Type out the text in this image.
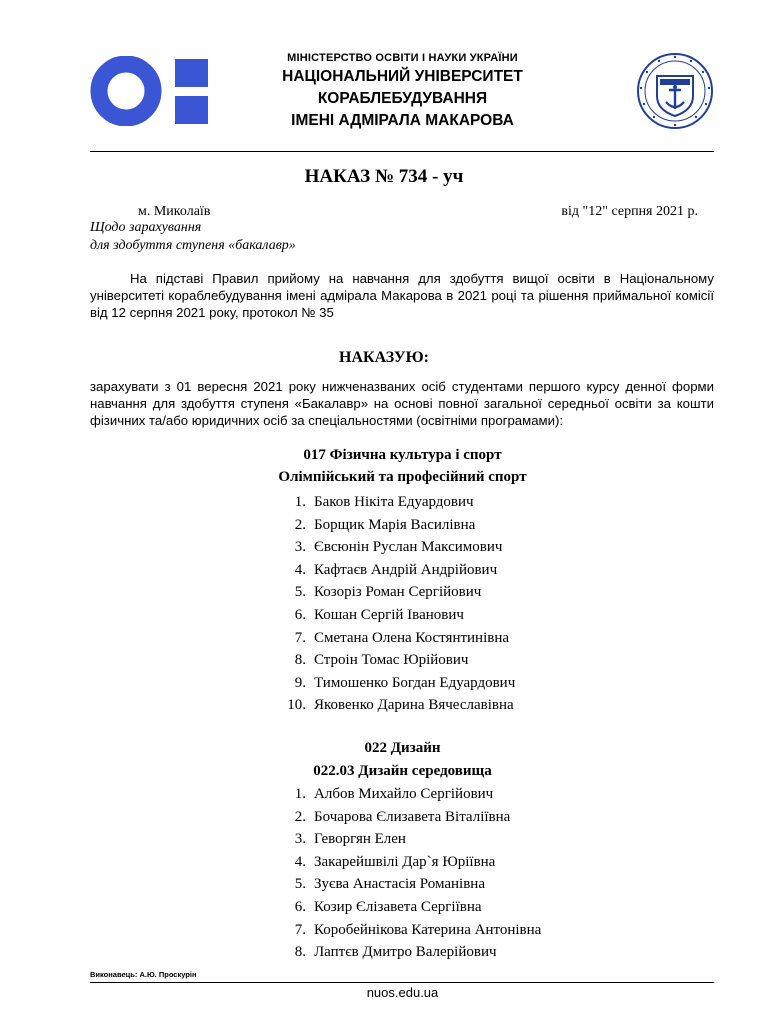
МІНІСТЕРСТВО ОСВІТИ І НАУКИ УКРАЇНИ
НАЦІОНАЛЬНИЙ УНІВЕРСИТЕТ
КОРАБЛЕБУДУВАННЯ
ІМЕНІ АДМІРАЛА МАКАРОВА
НАКАЗ № 734 - уч
м. Миколаїв	від "12" серпня 2021 р.
Щодо зарахування
для здобуття ступеня «бакалавр»

На підставі Правил прийому на навчання для здобуття вищої освіти в Національному університеті кораблебудування імені адмірала Макарова в 2021 році та рішення приймальної комісії від 12 серпня 2021 року, протокол № 35

НАКАЗУЮ:

зарахувати з 01 вересня 2021 року нижченазваних осіб студентами першого курсу денної форми навчання для здобуття ступеня «Бакалавр» на основі повної загальної середньої освіти за кошти фізичних та/або юридичних осіб за спеціальностями (освітніми програмами):

017 Фізична культура і спорт
Олімпійський та професійний спорт
1. Баков Нікіта Едуардович
2. Борщик Марія Василівна
3. Євсюнін Руслан Максимович
4. Кафтаєв Андрій Андрійович
5. Козоріз Роман Сергійович
6. Кошан Сергій Іванович
7. Сметана Олена Костянтинівна
8. Строін Томас Юрійович
9. Тимошенко Богдан Едуардович
10. Яковенко Дарина Вячеславівна
022 Дизайн
022.03 Дизайн середовища
1. Албов Михайло Сергійович
2. Бочарова Єлизавета Віталіївна
3. Геворгян Елен
4. Закарейшвілі Дар`я Юріївна
5. Зуєва Анастасія Романівна
6. Козир Єлізавета Сергіївна
7. Коробейнікова Катерина Антонівна
8. Лаптєв Дмитро Валерійович
Виконавець: А.Ю. Проскурін
nuos.edu.ua
